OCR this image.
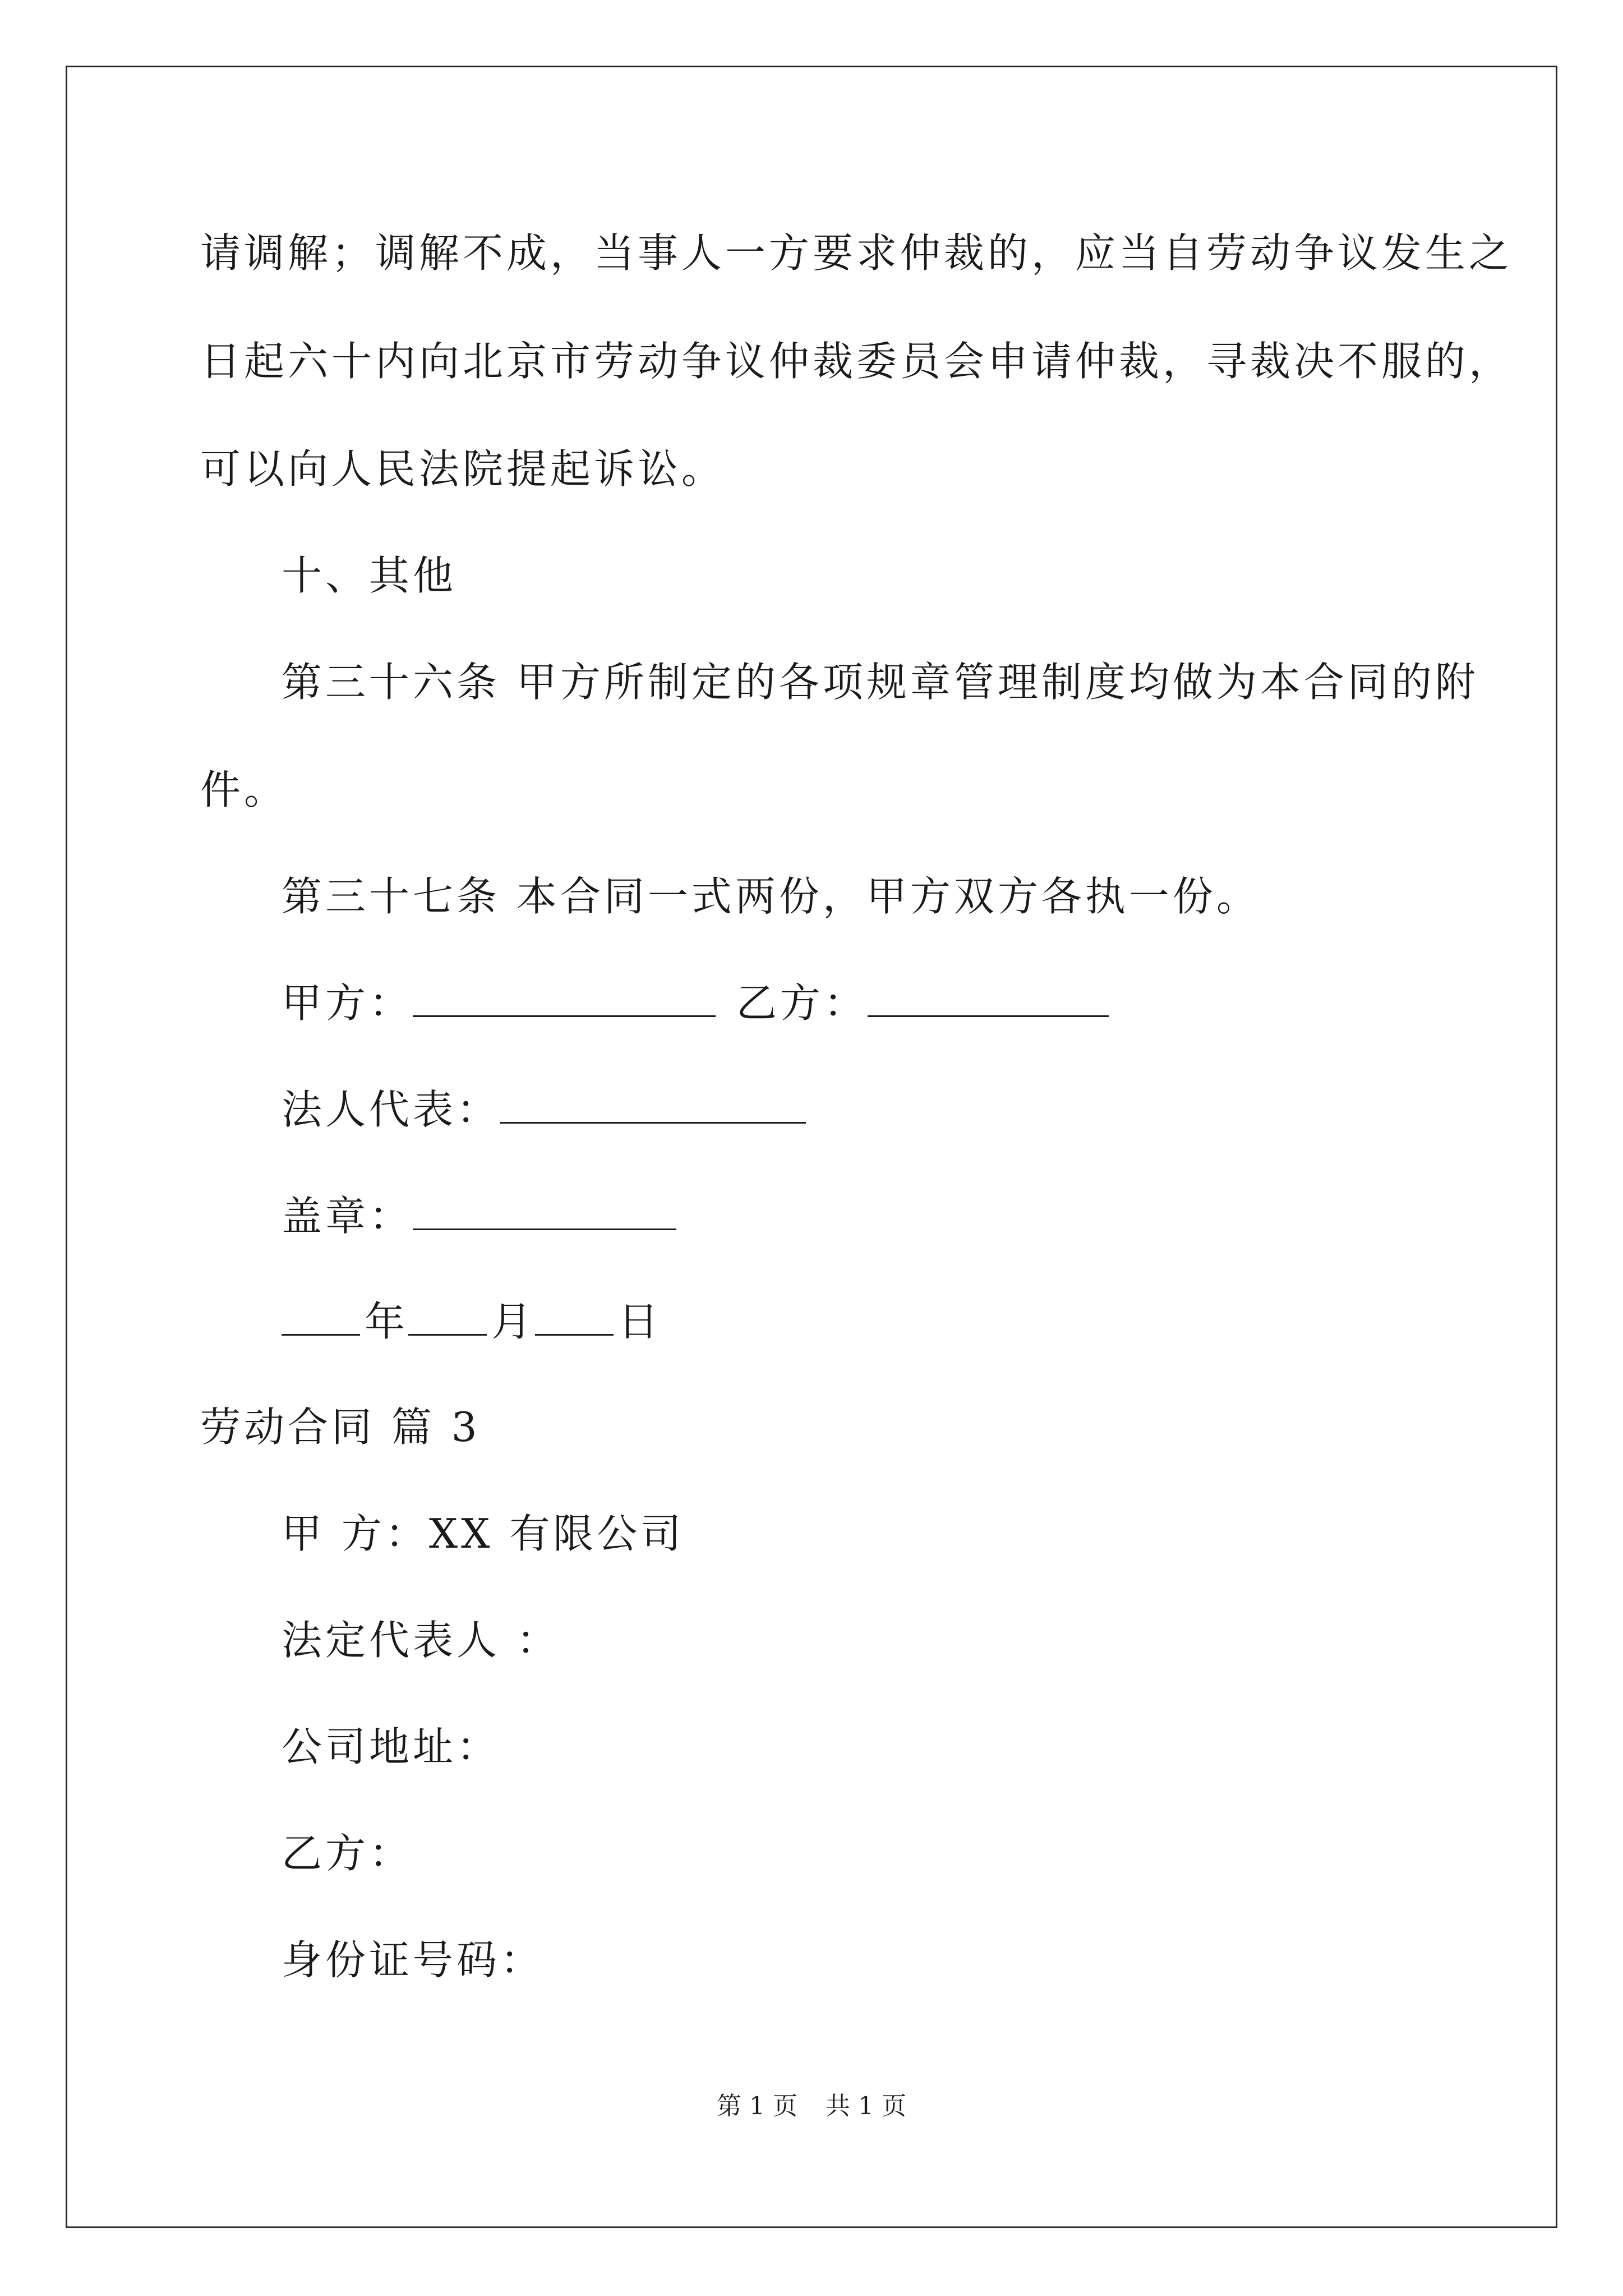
请调解；调解不成，当事人一方要求仲裁的，应当自劳动争议发生之
日起六十内向北京市劳动争议仲裁委员会申请仲裁，寻裁决不服的，
可以向人民法院提起诉讼。
十、其他
第三十六条 甲方所制定的各项规章管理制度均做为本合同的附
件。
第三十七条 本合同一式两份，甲方双方各执一份。
甲方：	乙方：
法人代表：
盖章：
年 月 日
劳动合同 篇 3
甲 方：XX 有限公司
法定代表人 ：
公司地址：
乙方：
身份证号码：
第 1 页 共 1 页
